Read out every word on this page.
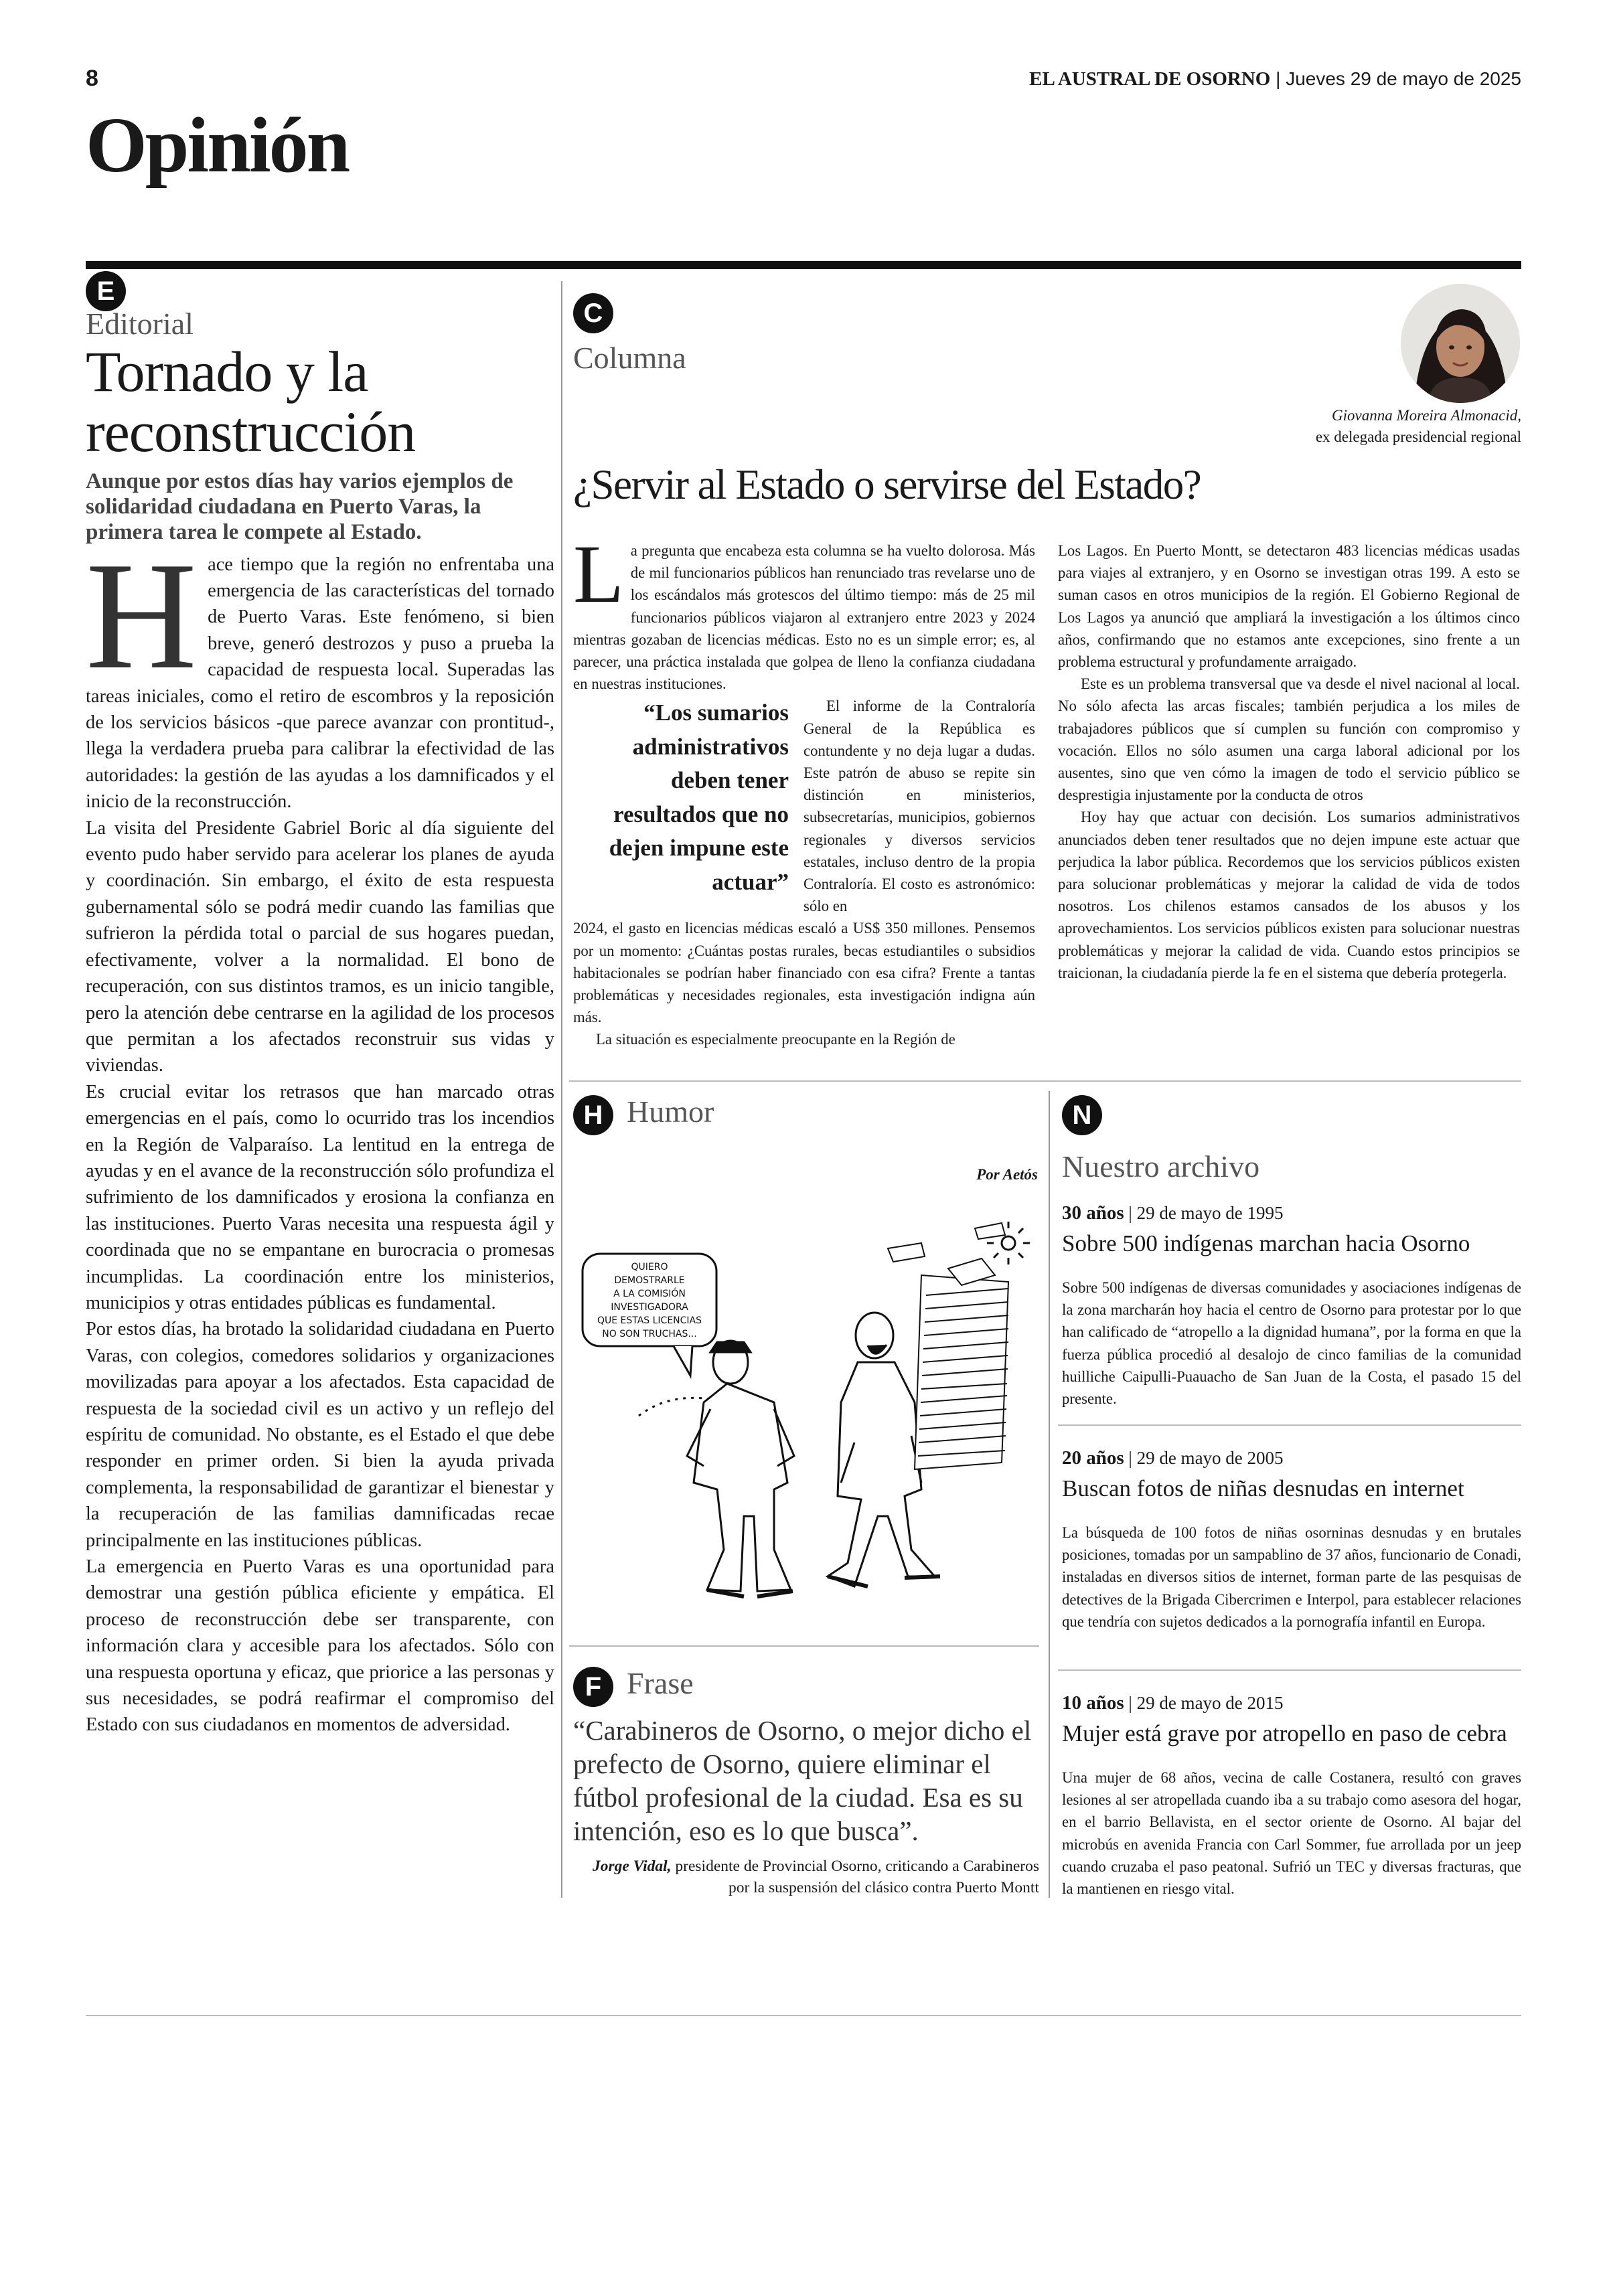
8	EL AUSTRAL DE OSORNO | Jueves 29 de mayo de 2025
Opinión
E
Editorial
Tornado y la
reconstrucción
Aunque por estos días hay varios ejemplos de solidaridad ciudadana en Puerto Varas, la primera tarea le compete al Estado.

Hace tiempo que la región no enfrentaba una emergencia de las características del tornado de Puerto Varas. Este fenómeno, si bien breve, generó destrozos y puso a prueba la capacidad de respuesta local. Superadas las tareas iniciales, como el retiro de escombros y la reposición de los servicios básicos -que parece avanzar con prontitud-, llega la verdadera prueba para calibrar la efectividad de las autoridades: la gestión de las ayudas a los damnificados y el inicio de la reconstrucción.

La visita del Presidente Gabriel Boric al día siguiente del evento pudo haber servido para acelerar los planes de ayuda y coordinación. Sin embargo, el éxito de esta respuesta gubernamental sólo se podrá medir cuando las familias que sufrieron la pérdida total o parcial de sus hogares puedan, efectivamente, volver a la normalidad. El bono de recuperación, con sus distintos tramos, es un inicio tangible, pero la atención debe centrarse en la agilidad de los procesos que permitan a los afectados reconstruir sus vidas y viviendas.

Es crucial evitar los retrasos que han marcado otras emergencias en el país, como lo ocurrido tras los incendios en la Región de Valparaíso. La lentitud en la entrega de ayudas y en el avance de la reconstrucción sólo profundiza el sufrimiento de los damnificados y erosiona la confianza en las instituciones. Puerto Varas necesita una respuesta ágil y coordinada que no se empantane en burocracia o promesas incumplidas. La coordinación entre los ministerios, municipios y otras entidades públicas es fundamental.

Por estos días, ha brotado la solidaridad ciudadana en Puerto Varas, con colegios, comedores solidarios y organizaciones movilizadas para apoyar a los afectados. Esta capacidad de respuesta de la sociedad civil es un activo y un reflejo del espíritu de comunidad. No obstante, es el Estado el que debe responder en primer orden. Si bien la ayuda privada complementa, la responsabilidad de garantizar el bienestar y la recuperación de las familias damnificadas recae principalmente en las instituciones públicas.

La emergencia en Puerto Varas es una oportunidad para demostrar una gestión pública eficiente y empática. El proceso de reconstrucción debe ser transparente, con información clara y accesible para los afectados. Sólo con una respuesta oportuna y eficaz, que priorice a las personas y sus necesidades, se podrá reafirmar el compromiso del Estado con sus ciudadanos en momentos de adversidad.

C
Columna
Giovanna Moreira Almonacid,
ex delegada presidencial regional
¿Servir al Estado o servirse del Estado?

La pregunta que encabeza esta columna se ha vuelto dolorosa. Más de mil funcionarios públicos han renunciado tras revelarse uno de los escándalos más grotescos del último tiempo: más de 25 mil funcionarios públicos viajaron al extranjero entre 2023 y 2024 mientras gozaban de licencias médicas. Esto no es un simple error; es, al parecer, una práctica instalada que golpea de lleno la confianza ciudadana en nuestras instituciones.

“Los sumarios administrativos deben tener resultados que no dejen impune este actuar”
El informe de la Contraloría General de la República es contundente y no deja lugar a dudas. Este patrón de abuso se repite sin distinción en ministerios, subsecretarías, municipios, gobiernos regionales y diversos servicios estatales, incluso dentro de la propia Contraloría. El costo es astronómico: sólo en

2024, el gasto en licencias médicas escaló a US$ 350 millones. Pensemos por un momento: ¿Cuántas postas rurales, becas estudiantiles o subsidios habitacionales se podrían haber financiado con esa cifra? Frente a tantas problemáticas y necesidades regionales, esta investigación indigna aún más.

La situación es especialmente preocupante en la Región de

Los Lagos. En Puerto Montt, se detectaron 483 licencias médicas usadas para viajes al extranjero, y en Osorno se investigan otras 199. A esto se suman casos en otros municipios de la región. El Gobierno Regional de Los Lagos ya anunció que ampliará la investigación a los últimos cinco años, confirmando que no estamos ante excepciones, sino frente a un problema estructural y profundamente arraigado.

Este es un problema transversal que va desde el nivel nacional al local. No sólo afecta las arcas fiscales; también perjudica a los miles de trabajadores públicos que sí cumplen su función con compromiso y vocación. Ellos no sólo asumen una carga laboral adicional por los ausentes, sino que ven cómo la imagen de todo el servicio público se desprestigia injustamente por la conducta de otros

Hoy hay que actuar con decisión. Los sumarios administrativos anunciados deben tener resultados que no dejen impune este actuar que perjudica la labor pública. Recordemos que los servicios públicos existen para solucionar problemáticas y mejorar la calidad de vida de todos nosotros. Los chilenos estamos cansados de los abusos y los aprovechamientos. Los servicios públicos existen para solucionar nuestras problemáticas y mejorar la calidad de vida. Cuando estos principios se traicionan, la ciudadanía pierde la fe en el sistema que debería protegerla.

H Humor
Por Aetós
QUIERO
DEMOSTRARLE
A LA COMISIÓN
INVESTIGADORA
QUE ESTAS LICENCIAS
NO SON TRUCHAS...
F Frase
“Carabineros de Osorno, o mejor dicho el prefecto de Osorno, quiere eliminar el fútbol profesional de la ciudad. Esa es su intención, eso es lo que busca”.
Jorge Vidal, presidente de Provincial Osorno, criticando a Carabineros por la suspensión del clásico contra Puerto Montt
N
Nuestro archivo
30 años | 29 de mayo de 1995
Sobre 500 indígenas marchan hacia Osorno
Sobre 500 indígenas de diversas comunidades y asociaciones indígenas de la zona marcharán hoy hacia el centro de Osorno para protestar por lo que han calificado de “atropello a la dignidad humana”, por la forma en que la fuerza pública procedió al desalojo de cinco familias de la comunidad huilliche Caipulli-Puauacho de San Juan de la Costa, el pasado 15 del presente.
20 años | 29 de mayo de 2005
Buscan fotos de niñas desnudas en internet
La búsqueda de 100 fotos de niñas osorninas desnudas y en brutales posiciones, tomadas por un sampablino de 37 años, funcionario de Conadi, instaladas en diversos sitios de internet, forman parte de las pesquisas de detectives de la Brigada Cibercrimen e Interpol, para establecer relaciones que tendría con sujetos dedicados a la pornografía infantil en Europa.
10 años | 29 de mayo de 2015
Mujer está grave por atropello en paso de cebra
Una mujer de 68 años, vecina de calle Costanera, resultó con graves lesiones al ser atropellada cuando iba a su trabajo como asesora del hogar, en el barrio Bellavista, en el sector oriente de Osorno. Al bajar del microbús en avenida Francia con Carl Sommer, fue arrollada por un jeep cuando cruzaba el paso peatonal. Sufrió un TEC y diversas fracturas, que la mantienen en riesgo vital.
